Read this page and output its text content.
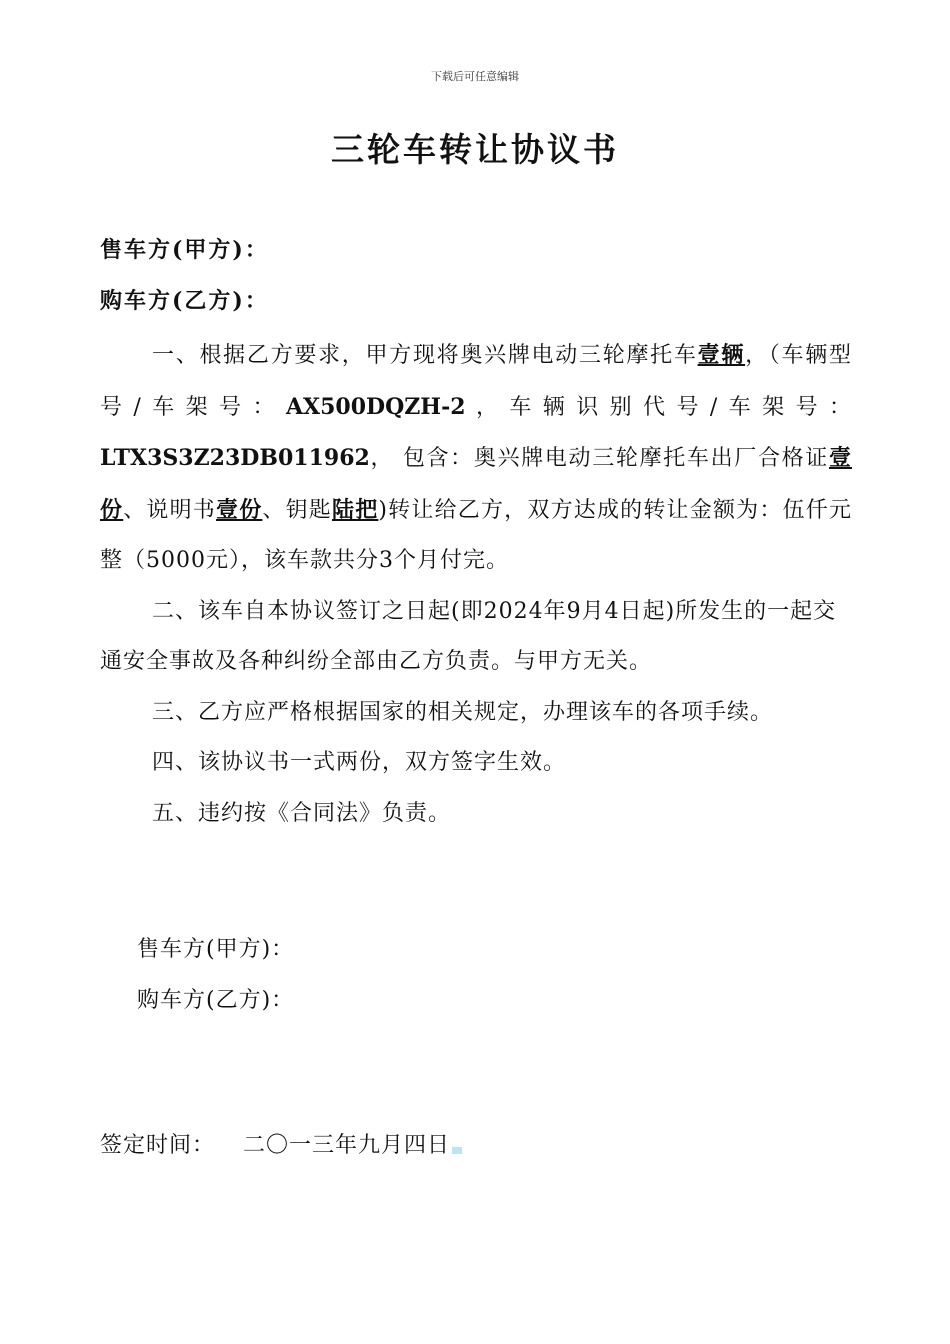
下载后可任意编辑
三轮车转让协议书
售车方(甲方)：
购车方(乙方)：

一、根据乙方要求，甲方现将奥兴牌电动三轮摩托车壹辆，（车辆型号/车架号：AX500DQZH-2，车辆识别代号/车架号：LTX3S3Z23DB011962， 包含：奥兴牌电动三轮摩托车出厂合格证壹份、说明书壹份、钥匙陆把)转让给乙方，双方达成的转让金额为：伍仟元整（5000元），该车款共分3个月付完。

二、该车自本协议签订之日起(即2024年9月4日起)所发生的一起交通安全事故及各种纠纷全部由乙方负责。与甲方无关。

三、乙方应严格根据国家的相关规定，办理该车的各项手续。

四、该协议书一式两份，双方签字生效。

五、违约按《合同法》负责。

售车方(甲方)：
购车方(乙方)：
签定时间： 二〇一三年九月四日
